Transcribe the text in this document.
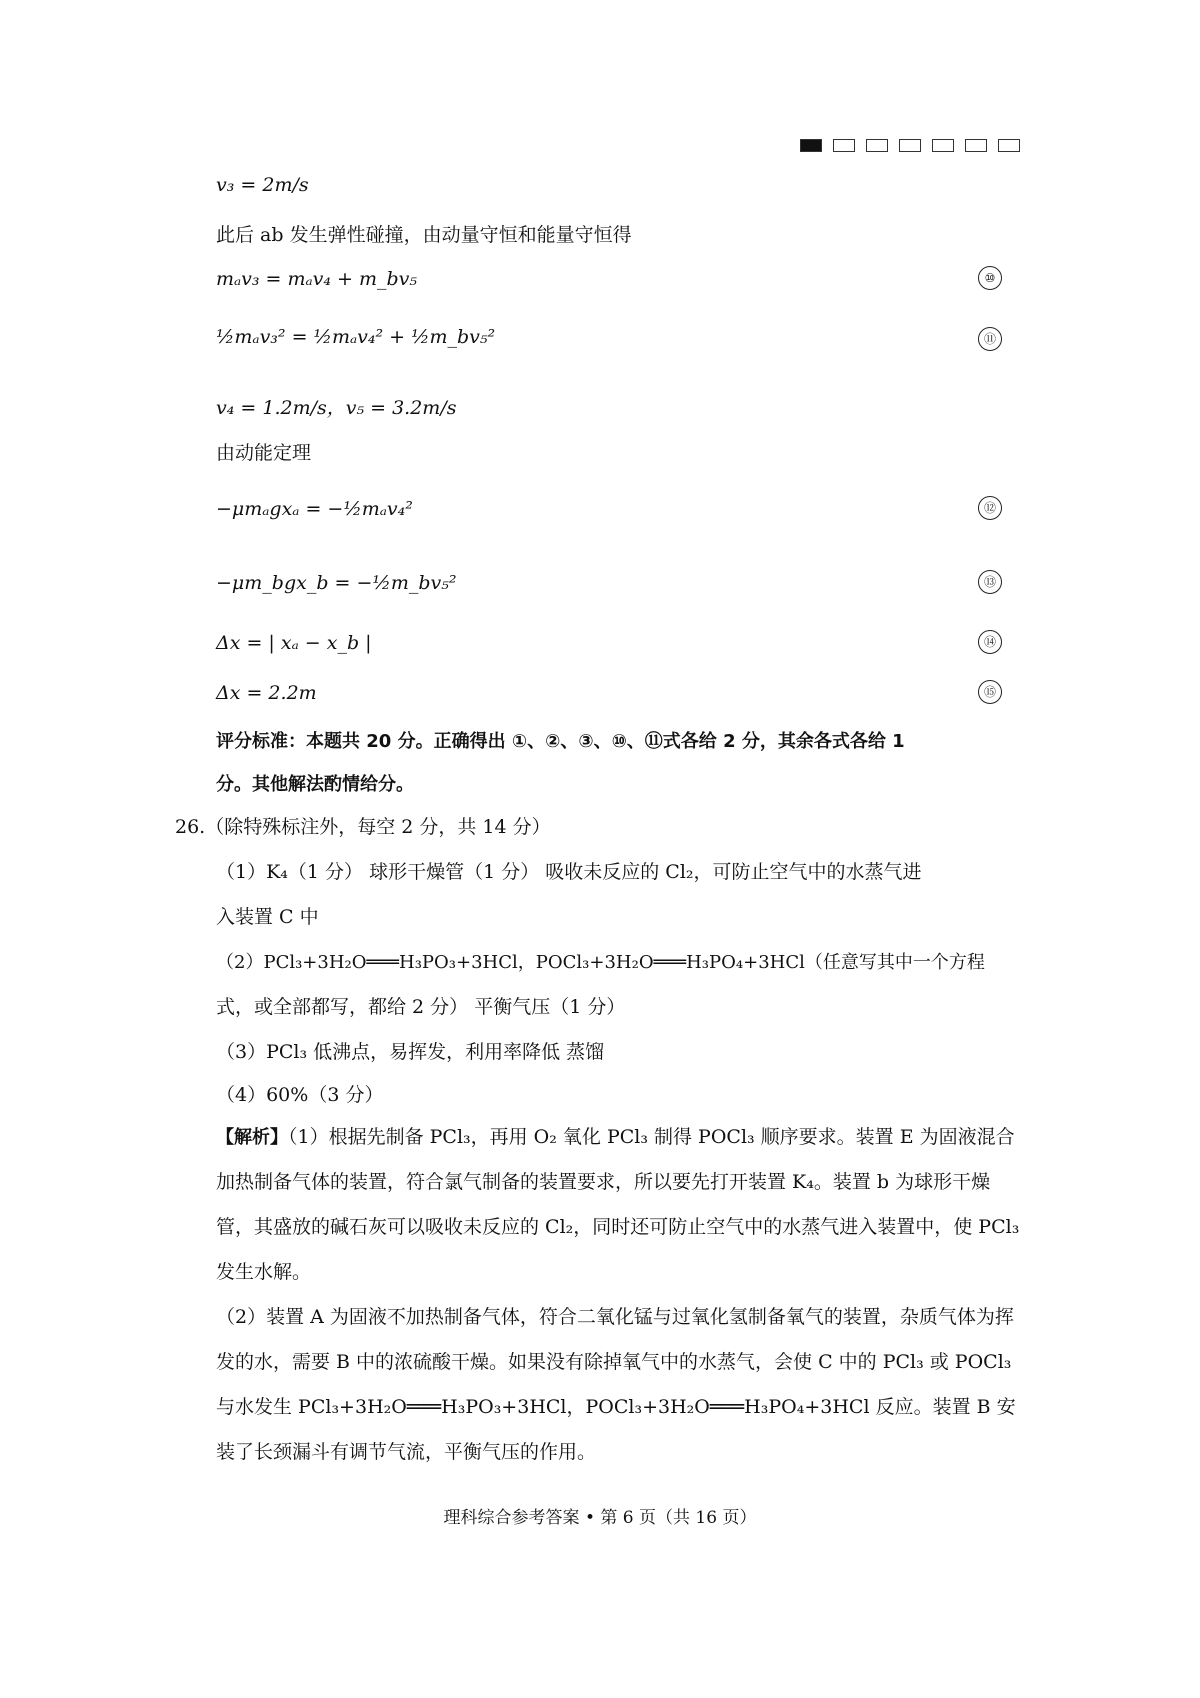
v₃ = 2m/s
此后 ab 发生弹性碰撞，由动量守恒和能量守恒得
mₐv₃ = mₐv₄ + m_bv₅	⑩
½mₐv₃² = ½mₐv₄² + ½m_bv₅²	⑪
v₄ = 1.2m/s，v₅ = 3.2m/s
由动能定理
−μmₐgxₐ = −½mₐv₄²	⑫
−μm_bgx_b = −½m_bv₅²	⑬
Δx = | xₐ − x_b |	⑭
Δx = 2.2m	⑮
评分标准：本题共 20 分。正确得出 ①、②、③、⑩、⑪式各给 2 分，其余各式各给 1
分。其他解法酌情给分。
26.（除特殊标注外，每空 2 分，共 14 分）
（1）K₄（1 分） 球形干燥管（1 分） 吸收未反应的 Cl₂，可防止空气中的水蒸气进
入装置 C 中
（2）PCl₃+3H₂O═══H₃PO₃+3HCl，POCl₃+3H₂O═══H₃PO₄+3HCl（任意写其中一个方程
式，或全部都写，都给 2 分） 平衡气压（1 分）
（3）PCl₃ 低沸点，易挥发，利用率降低 蒸馏
（4）60%（3 分）
【解析】（1）根据先制备 PCl₃，再用 O₂ 氧化 PCl₃ 制得 POCl₃ 顺序要求。装置 E 为固液混合加热制备气体的装置，符合氯气制备的装置要求，所以要先打开装置 K₄。装置 b 为球形干燥管，其盛放的碱石灰可以吸收未反应的 Cl₂，同时还可防止空气中的水蒸气进入装置中，使 PCl₃ 发生水解。
（2）装置 A 为固液不加热制备气体，符合二氧化锰与过氧化氢制备氧气的装置，杂质气体为挥发的水，需要 B 中的浓硫酸干燥。如果没有除掉氧气中的水蒸气，会使 C 中的 PCl₃ 或 POCl₃ 与水发生 PCl₃+3H₂O═══H₃PO₃+3HCl，POCl₃+3H₂O═══H₃PO₄+3HCl 反应。装置 B 安装了长颈漏斗有调节气流，平衡气压的作用。
理科综合参考答案 • 第 6 页（共 16 页）
